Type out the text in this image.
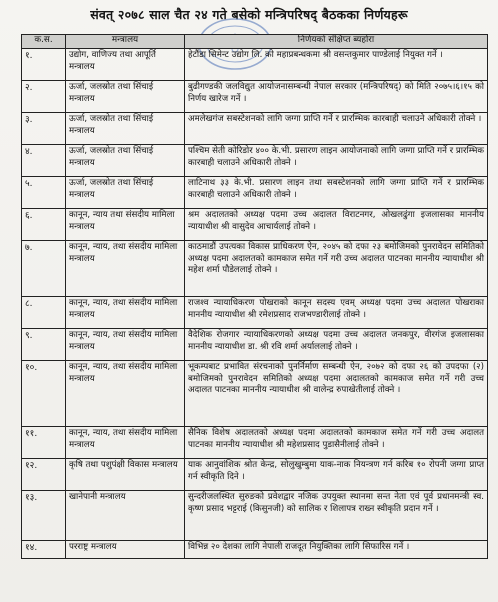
संवत् २०७८ साल चैत २४ गते बसेको मन्त्रिपरिषद् बैठकका निर्णयहरू
क.स.	मन्त्रालय	निर्णयको संक्षिप्त ब्यहोरा
१.	उद्योग, वाणिज्य तथा आपूर्ति मन्त्रालय	हेटौंडा सिमेन्ट उद्योग लि. को महाप्रबन्धकमा श्री वसन्तकुमार पाण्डेलाई नियुक्त गर्ने ।
२.	ऊर्जा, जलस्रोत तथा सिंचाई मन्त्रालय	बुढीगण्डकी जलविद्युत आयोजनासम्बन्धी नेपाल सरकार (मन्त्रिपरिषद्) को मिति २०७५।६।१५ को निर्णय खारेज गर्ने ।
३.	ऊर्जा, जलस्रोत तथा सिंचाई मन्त्रालय	अमलेखगंज सबस्टेशनको लागि जग्गा प्राप्ति गर्ने र प्रारम्भिक कारबाही चलाउने अधिकारी तोक्ने ।
४.	ऊर्जा, जलस्रोत तथा सिंचाई मन्त्रालय	पश्चिम सेती कोरिडोर ४०० के.भी. प्रसारण लाइन आयोजनाको लागि जग्गा प्राप्ति गर्ने र प्रारम्भिक कारबाही चलाउने अधिकारी तोक्ने ।
५.	ऊर्जा, जलस्रोत तथा सिंचाई मन्त्रालय	लाटिनाथ ३३ के.भी. प्रसारण लाइन तथा सबस्टेशनको लागि जग्गा प्राप्ति गर्ने र प्रारम्भिक कारबाही चलाउने अधिकारी तोक्ने ।
६.	कानून, न्याय तथा संसदीय मामिला मन्त्रालय	श्रम अदालतको अध्यक्ष पदमा उच्च अदालत विराटनगर, ओखलढुंगा इजलासका माननीय न्यायाधीश श्री वासुदेव आचार्यलाई तोक्ने ।
७.	कानून, न्याय, तथा संसदीय मामिला मन्त्रालय	काठमाडौं उपत्यका विकास प्राधिकरण ऐन, २०४५ को दफा २३ बमोजिमको पुनरावेदन समितिको अध्यक्ष पदमा अदालतको कामकाज समेत गर्ने गरी उच्च अदालत पाटनका माननीय न्यायाधीश श्री महेश शर्मा पौडेललाई तोक्ने ।
८.	कानून, न्याय, तथा संसदीय मामिला मन्त्रालय	राजश्व न्यायाधिकरण पोखराको कानून सदस्य एवम् अध्यक्ष पदमा उच्च अदालत पोखराका माननीय न्यायाधीश श्री रमेशप्रसाद राजभण्डारीलाई तोक्ने ।
९.	कानून, न्याय, तथा संसदीय मामिला मन्त्रालय	वैदेशिक रोजगार न्यायाधिकरणको अध्यक्ष पदमा उच्च अदालत जनकपुर, वीरगंज इजलासका माननीय न्यायाधीश डा. श्री रवि शर्मा अर्याललाई तोक्ने ।
१०.	कानून, न्याय, तथा संसदीय मामिला मन्त्रालय	भूकम्पबाट प्रभावित संरचनाको पुनर्निर्माण सम्बन्धी ऐन, २०७२ को दफा २६ को उपदफा (२) बमोजिमको पुनरावेदन समितिको अध्यक्ष पदमा अदालतको कामकाज समेत गर्ने गरी उच्च अदालत पाटनका माननीय न्यायाधीश श्री वालेन्द्र रुपाखेतीलाई तोक्ने ।
११.	कानून, न्याय, तथा संसदीय मामिला मन्त्रालय	सैनिक विशेष अदालतको अध्यक्ष पदमा अदालतको कामकाज समेत गर्ने गरी उच्च अदालत पाटनका माननीय न्यायाधीश श्री महेशप्रसाद पुडासैनीलाई तोक्ने ।
१२.	कृषि तथा पशुपंक्षी विकास मन्त्रालय	याक आनुवांशिक श्रोत केन्द्र, सोलुखुम्बुमा याक-नाक नियन्त्रण गर्न करिब १० रोपनी जग्गा प्राप्त गर्न स्वीकृति दिने ।
१३.	खानेपानी मन्त्रालय	सुन्दरीजलस्थित सुरुङको प्रवेशद्वार नजिक उपयुक्त स्थानमा सन्त नेता एवं पूर्व प्रधानमन्त्री स्व. कृष्ण प्रसाद भट्टराई (किसुनजी) को सालिक र शिलापत्र राख्न स्वीकृति प्रदान गर्ने ।
१४.	परराष्ट्र मन्त्रालय	विभिन्न २० देशका लागि नेपाली राजदूत नियुक्तिका लागि सिफारिस गर्ने ।
